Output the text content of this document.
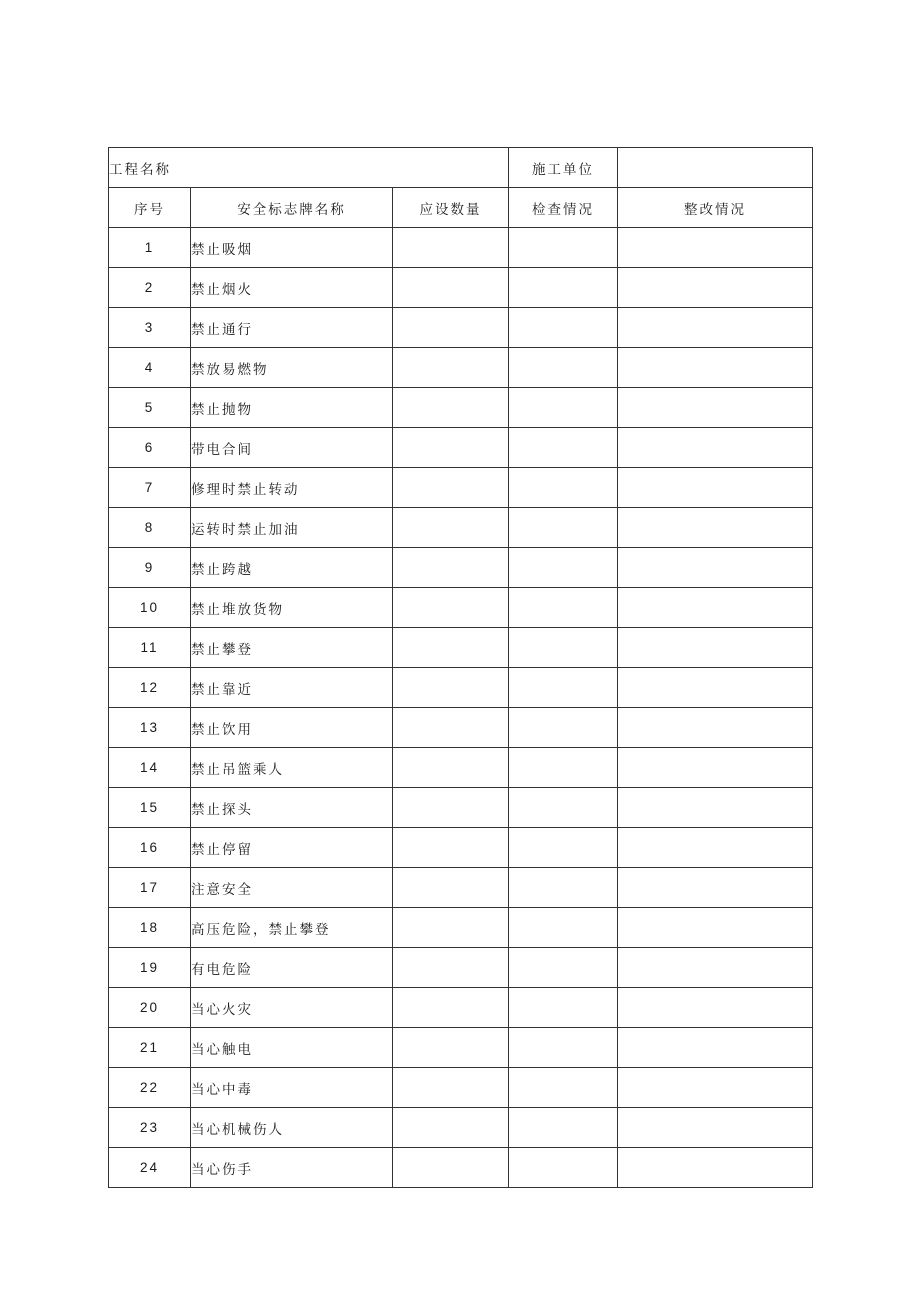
工程名称			施工单位	
序号	安全标志牌名称	应设数量	检查情况	整改情况
1	禁止吸烟			
2	禁止烟火			
3	禁止通行			
4	禁放易燃物			
5	禁止抛物			
6	带电合间			
7	修理时禁止转动			
8	运转时禁止加油			
9	禁止跨越			
10	禁止堆放货物			
11	禁止攀登			
12	禁止靠近			
13	禁止饮用			
14	禁止吊篮乘人			
15	禁止探头			
16	禁止停留			
17	注意安全			
18	高压危险，禁止攀登			
19	有电危险			
20	当心火灾			
21	当心触电			
22	当心中毒			
23	当心机械伤人			
24	当心伤手			
